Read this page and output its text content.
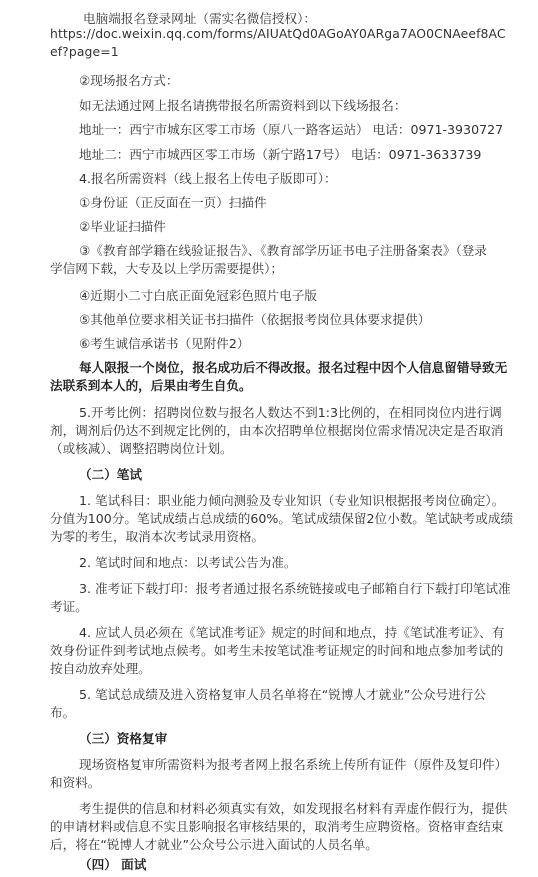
电脑端报名登录网址（需实名微信授权）：
https://doc.weixin.qq.com/forms/AIUAtQd0AGoAY0ARga7AO0CNAeef8AC
ef?page=1
②现场报名方式：
如无法通过网上报名请携带报名所需资料到以下线场报名：
地址一：西宁市城东区零工市场（原八一路客运站） 电话：0971-3930727
地址二：西宁市城西区零工市场（新宁路17号） 电话：0971-3633739
4.报名所需资料（线上报名上传电子版即可）：
①身份证（正反面在一页）扫描件
②毕业证扫描件
③《教育部学籍在线验证报告》、《教育部学历证书电子注册备案表》（登录
学信网下载，大专及以上学历需要提供）；
④近期小二寸白底正面免冠彩色照片电子版
⑤其他单位要求相关证书扫描件（依据报考岗位具体要求提供）
⑥考生诚信承诺书（见附件2）
每人限报一个岗位，报名成功后不得改报。报名过程中因个人信息留错导致无
法联系到本人的，后果由考生自负。
5.开考比例：招聘岗位数与报名人数达不到1:3比例的，在相同岗位内进行调
剂，调剂后仍达不到规定比例的，由本次招聘单位根据岗位需求情况决定是否取消
（或核减）、调整招聘岗位计划。
（二）笔试
1. 笔试科目：职业能力倾向测验及专业知识（专业知识根据报考岗位确定）。
分值为100分。笔试成绩占总成绩的60%。笔试成绩保留2位小数。笔试缺考或成绩
为零的考生，取消本次考试录用资格。
2. 笔试时间和地点：以考试公告为准。
3. 准考证下载打印：报考者通过报名系统链接或电子邮箱自行下载打印笔试准
考证。
4. 应试人员必须在《笔试准考证》规定的时间和地点，持《笔试准考证》、有
效身份证件到考试地点候考。如考生未按笔试准考证规定的时间和地点参加考试的
按自动放弃处理。
5. 笔试总成绩及进入资格复审人员名单将在“锐博人才就业”公众号进行公
布。
（三）资格复审
现场资格复审所需资料为报考者网上报名系统上传所有证件（原件及复印件）
和资料。
考生提供的信息和材料必须真实有效，如发现报名材料有弄虚作假行为，提供
的申请材料或信息不实且影响报名审核结果的，取消考生应聘资格。资格审查结束
后，将在“锐博人才就业”公众号公示进入面试的人员名单。
（四） 面试
